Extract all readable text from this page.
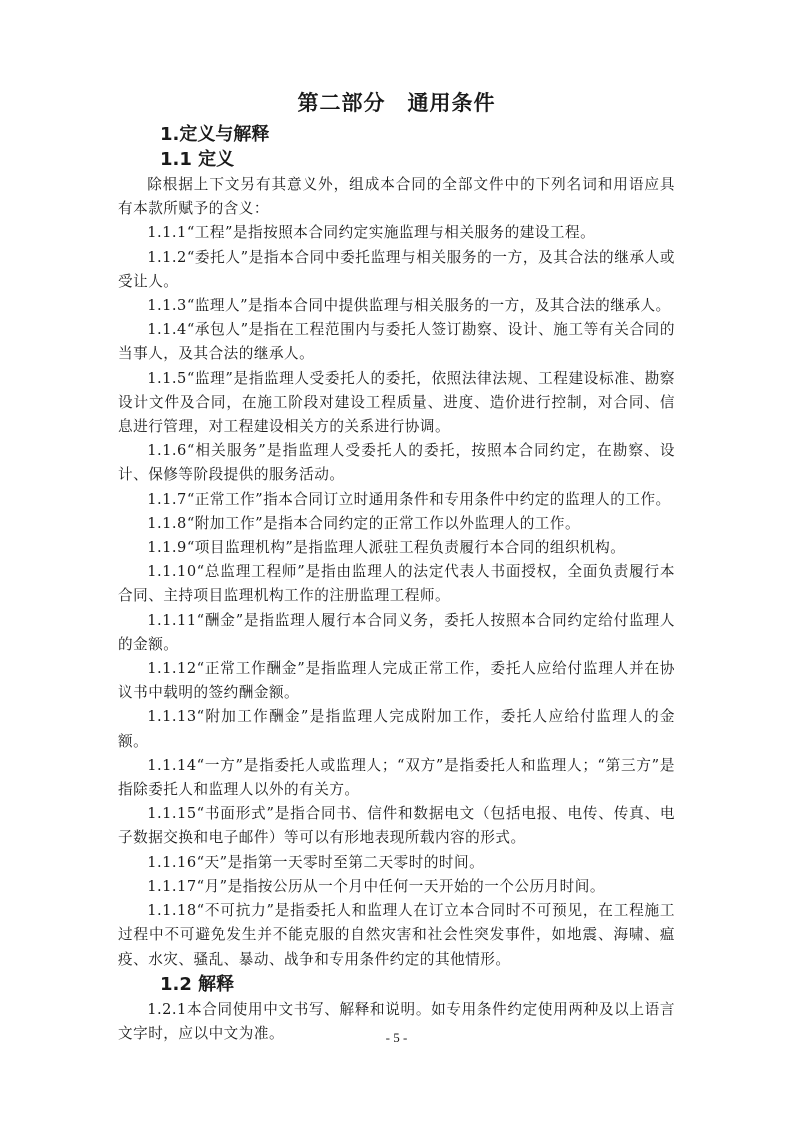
第二部分　通用条件
1.定义与解释
1.1 定义

除根据上下文另有其意义外，组成本合同的全部文件中的下列名词和用语应具有本款所赋予的含义：

1.1.1“工程”是指按照本合同约定实施监理与相关服务的建设工程。

1.1.2“委托人”是指本合同中委托监理与相关服务的一方，及其合法的继承人或受让人。

1.1.3“监理人”是指本合同中提供监理与相关服务的一方，及其合法的继承人。

1.1.4“承包人”是指在工程范围内与委托人签订勘察、设计、施工等有关合同的当事人，及其合法的继承人。

1.1.5“监理”是指监理人受委托人的委托，依照法律法规、工程建设标准、勘察设计文件及合同，在施工阶段对建设工程质量、进度、造价进行控制，对合同、信息进行管理，对工程建设相关方的关系进行协调。

1.1.6“相关服务”是指监理人受委托人的委托，按照本合同约定，在勘察、设计、保修等阶段提供的服务活动。

1.1.7“正常工作”指本合同订立时通用条件和专用条件中约定的监理人的工作。

1.1.8“附加工作”是指本合同约定的正常工作以外监理人的工作。

1.1.9“项目监理机构”是指监理人派驻工程负责履行本合同的组织机构。

1.1.10“总监理工程师”是指由监理人的法定代表人书面授权，全面负责履行本合同、主持项目监理机构工作的注册监理工程师。

1.1.11“酬金”是指监理人履行本合同义务，委托人按照本合同约定给付监理人的金额。

1.1.12“正常工作酬金”是指监理人完成正常工作，委托人应给付监理人并在协议书中载明的签约酬金额。

1.1.13“附加工作酬金”是指监理人完成附加工作，委托人应给付监理人的金额。

1.1.14“一方”是指委托人或监理人；“双方”是指委托人和监理人；“第三方”是指除委托人和监理人以外的有关方。

1.1.15“书面形式”是指合同书、信件和数据电文（包括电报、电传、传真、电子数据交换和电子邮件）等可以有形地表现所载内容的形式。

1.1.16“天”是指第一天零时至第二天零时的时间。

1.1.17“月”是指按公历从一个月中任何一天开始的一个公历月时间。

1.1.18“不可抗力”是指委托人和监理人在订立本合同时不可预见，在工程施工过程中不可避免发生并不能克服的自然灾害和社会性突发事件，如地震、海啸、瘟疫、水灾、骚乱、暴动、战争和专用条件约定的其他情形。

1.2 解释

1.2.1本合同使用中文书写、解释和说明。如专用条件约定使用两种及以上语言文字时，应以中文为准。	- 5 -
